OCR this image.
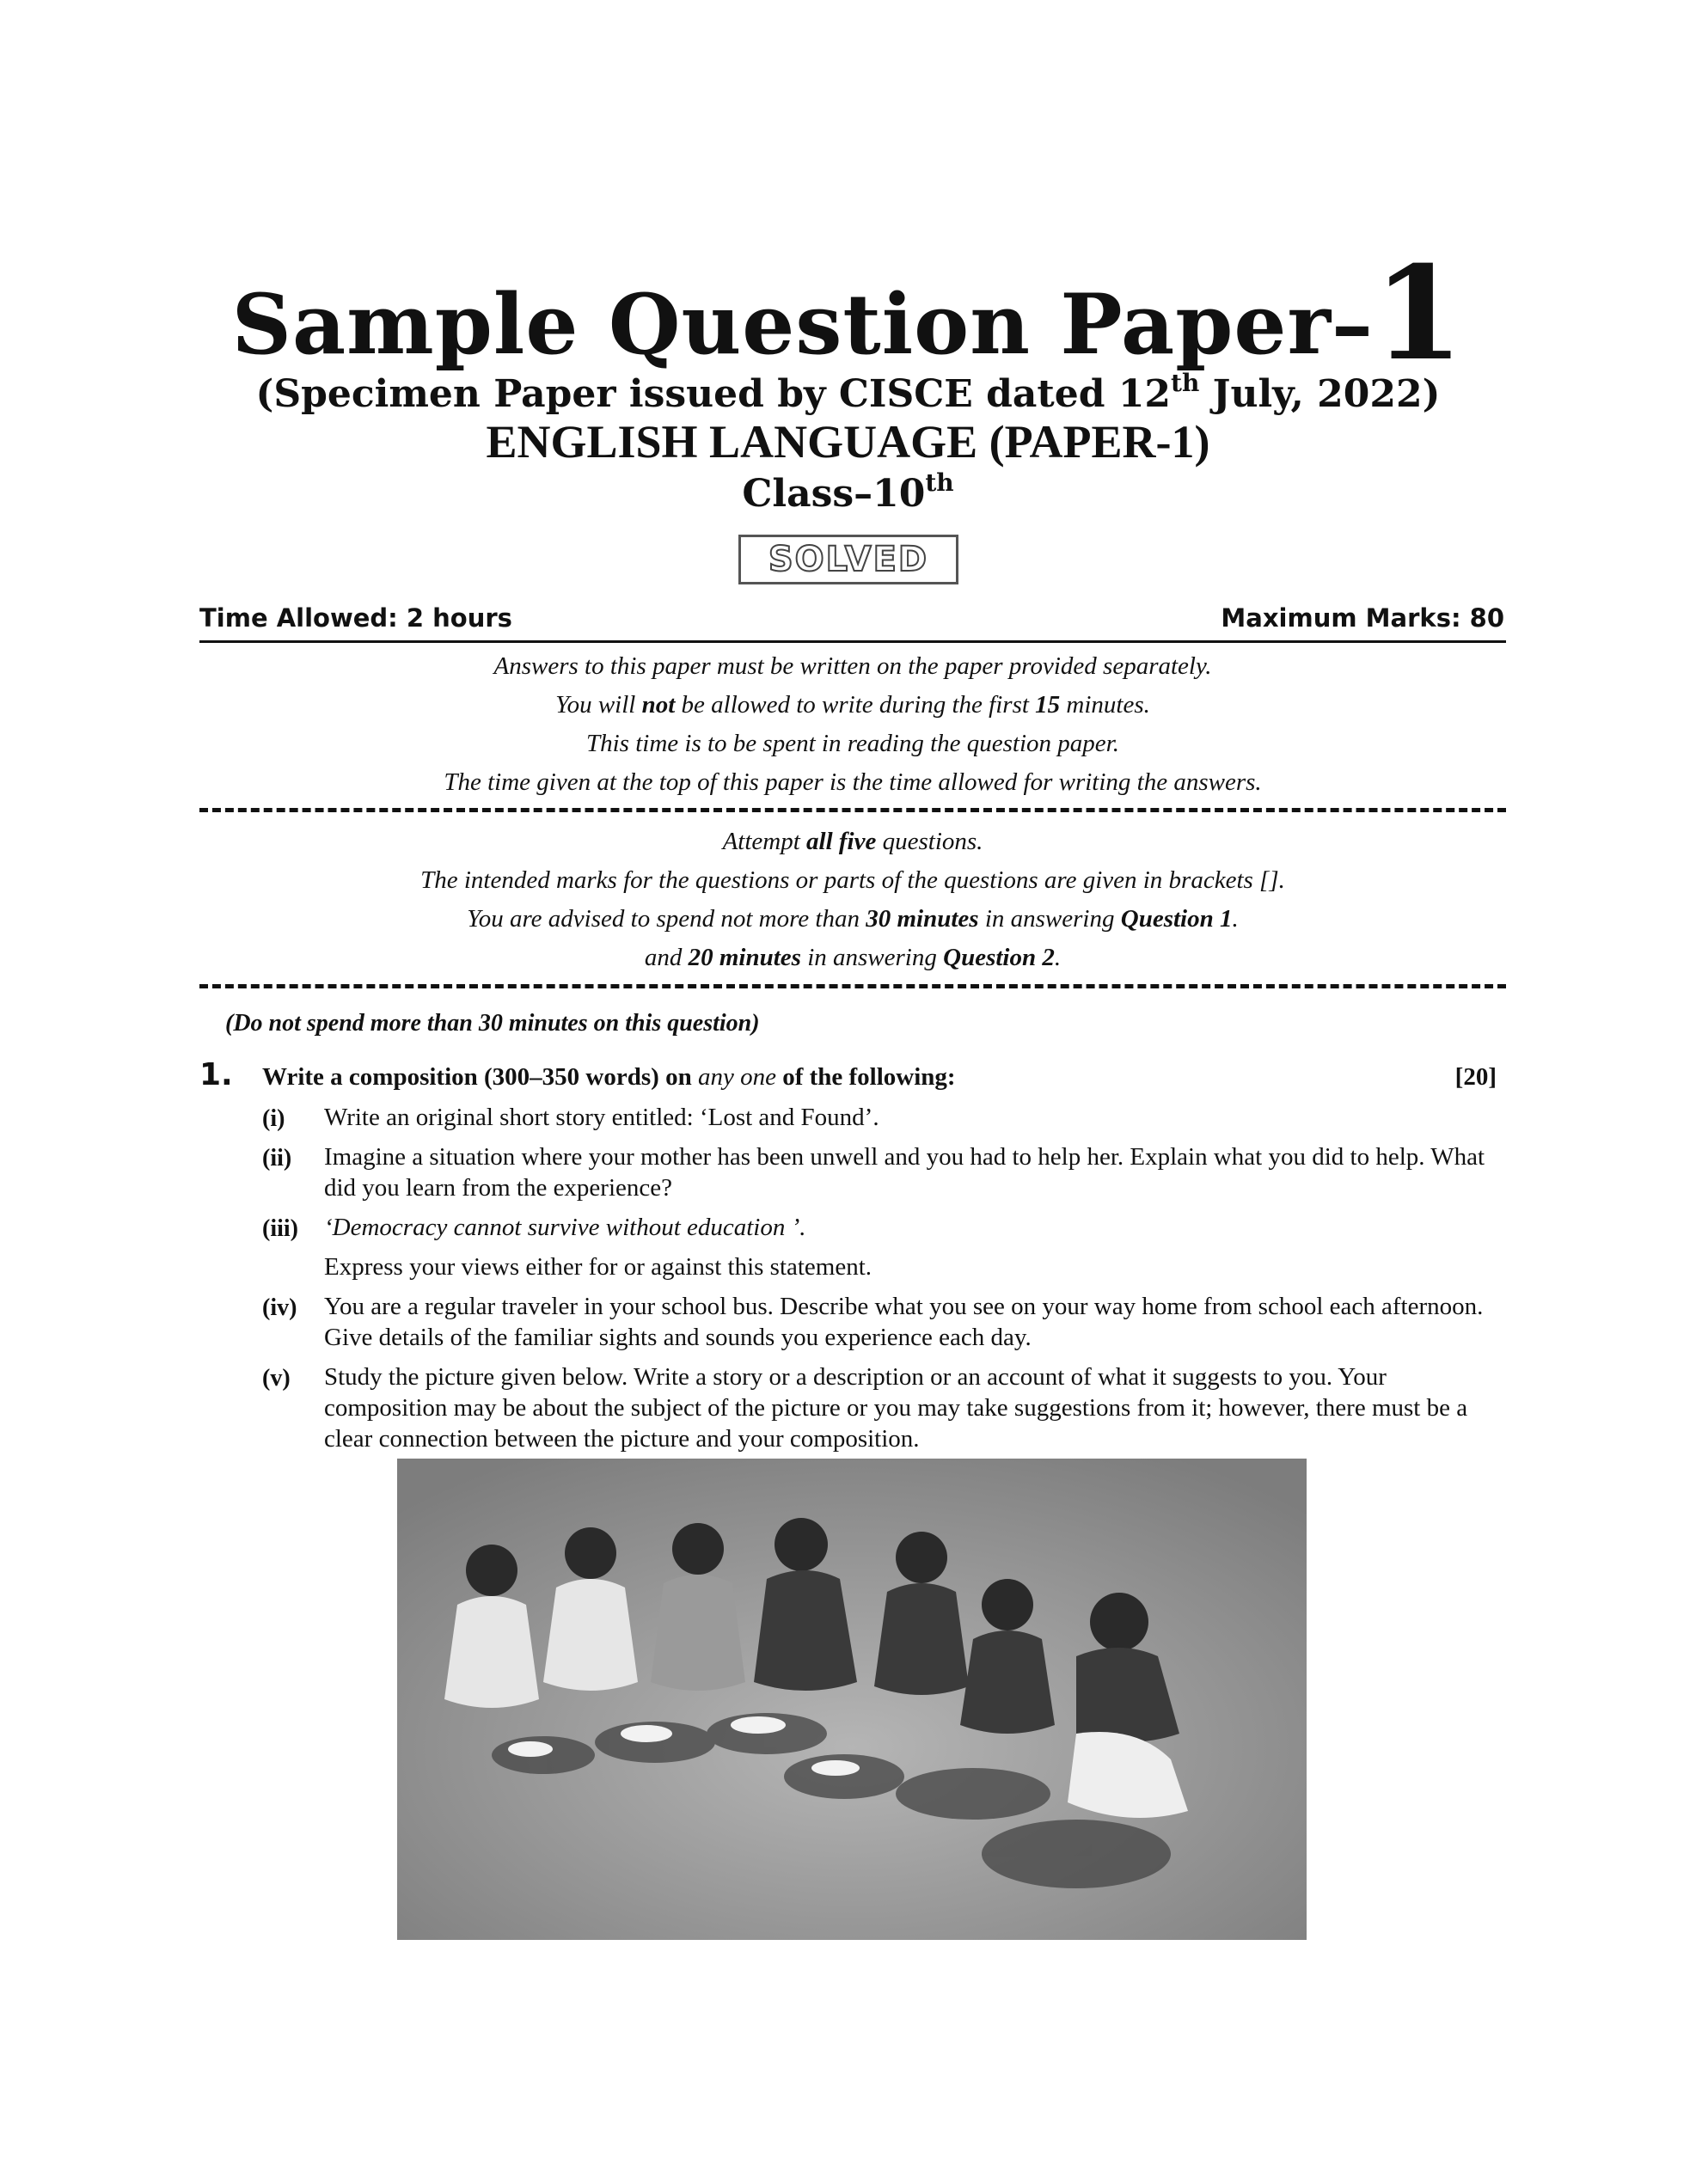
Sample Question Paper–1
(Specimen Paper issued by CISCE dated 12th July, 2022)
ENGLISH LANGUAGE (PAPER-1)
Class–10th
SOLVED
Time Allowed: 2 hours	Maximum Marks: 80
Answers to this paper must be written on the paper provided separately.
You will not be allowed to write during the first 15 minutes.
This time is to be spent in reading the question paper.
The time given at the top of this paper is the time allowed for writing the answers.
Attempt all five questions.
The intended marks for the questions or parts of the questions are given in brackets [].
You are advised to spend not more than 30 minutes in answering Question 1.
and 20 minutes in answering Question 2.
(Do not spend more than 30 minutes on this question)
1. Write a composition (300–350 words) on any one of the following:	[20]
(i) Write an original short story entitled: ‘Lost and Found’.
(ii) Imagine a situation where your mother has been unwell and you had to help her. Explain what you did to help. What did you learn from the experience?
(iii) ‘Democracy cannot survive without education ’.
Express your views either for or against this statement.
(iv) You are a regular traveler in your school bus. Describe what you see on your way home from school each afternoon. Give details of the familiar sights and sounds you experience each day.
(v) Study the picture given below. Write a story or a description or an account of what it suggests to you. Your composition may be about the subject of the picture or you may take suggestions from it; however, there must be a clear connection between the picture and your composition.
